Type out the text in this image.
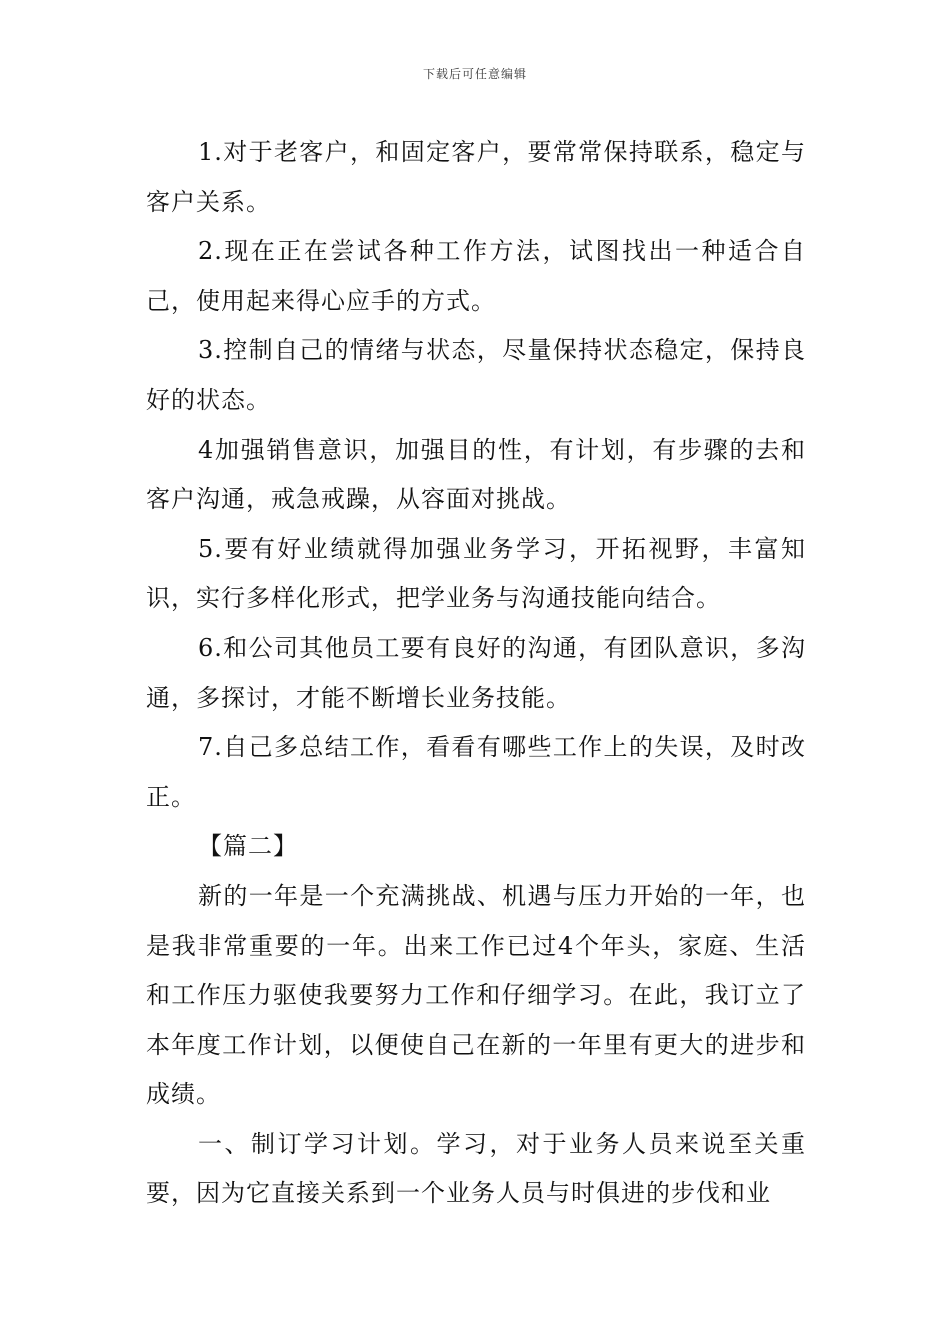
下载后可任意编辑

1.对于老客户，和固定客户，要常常保持联系，稳定与客户关系。

2.现在正在尝试各种工作方法，试图找出一种适合自己，使用起来得心应手的方式。

3.控制自己的情绪与状态，尽量保持状态稳定，保持良好的状态。

4加强销售意识，加强目的性，有计划，有步骤的去和客户沟通，戒急戒躁，从容面对挑战。

5.要有好业绩就得加强业务学习，开拓视野，丰富知识，实行多样化形式，把学业务与沟通技能向结合。

6.和公司其他员工要有良好的沟通，有团队意识，多沟通，多探讨，才能不断增长业务技能。

7.自己多总结工作，看看有哪些工作上的失误，及时改正。

【篇二】

新的一年是一个充满挑战、机遇与压力开始的一年，也是我非常重要的一年。出来工作已过4个年头，家庭、生活和工作压力驱使我要努力工作和仔细学习。在此，我订立了本年度工作计划，以便使自己在新的一年里有更大的进步和成绩。

一、制订学习计划。学习，对于业务人员来说至关重要，因为它直接关系到一个业务人员与时俱进的步伐和业
